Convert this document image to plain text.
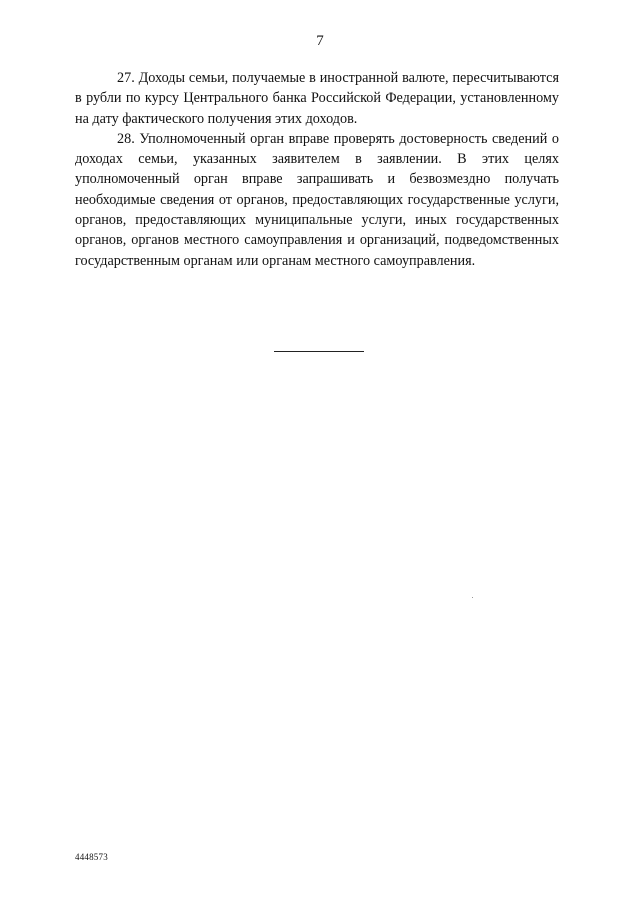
7

27. Доходы семьи, получаемые в иностранной валюте, пересчитываются в рубли по курсу Центрального банка Российской Федерации, установленному на дату фактического получения этих доходов.

28. Уполномоченный орган вправе проверять достоверность сведений о доходах семьи, указанных заявителем в заявлении. В этих целях уполномоченный орган вправе запрашивать и безвозмездно получать необходимые сведения от органов, предоставляющих государственные услуги, органов, предоставляющих муниципальные услуги, иных государственных органов, органов местного самоуправления и организаций, подведомственных государственным органам или органам местного самоуправления.

4448573
